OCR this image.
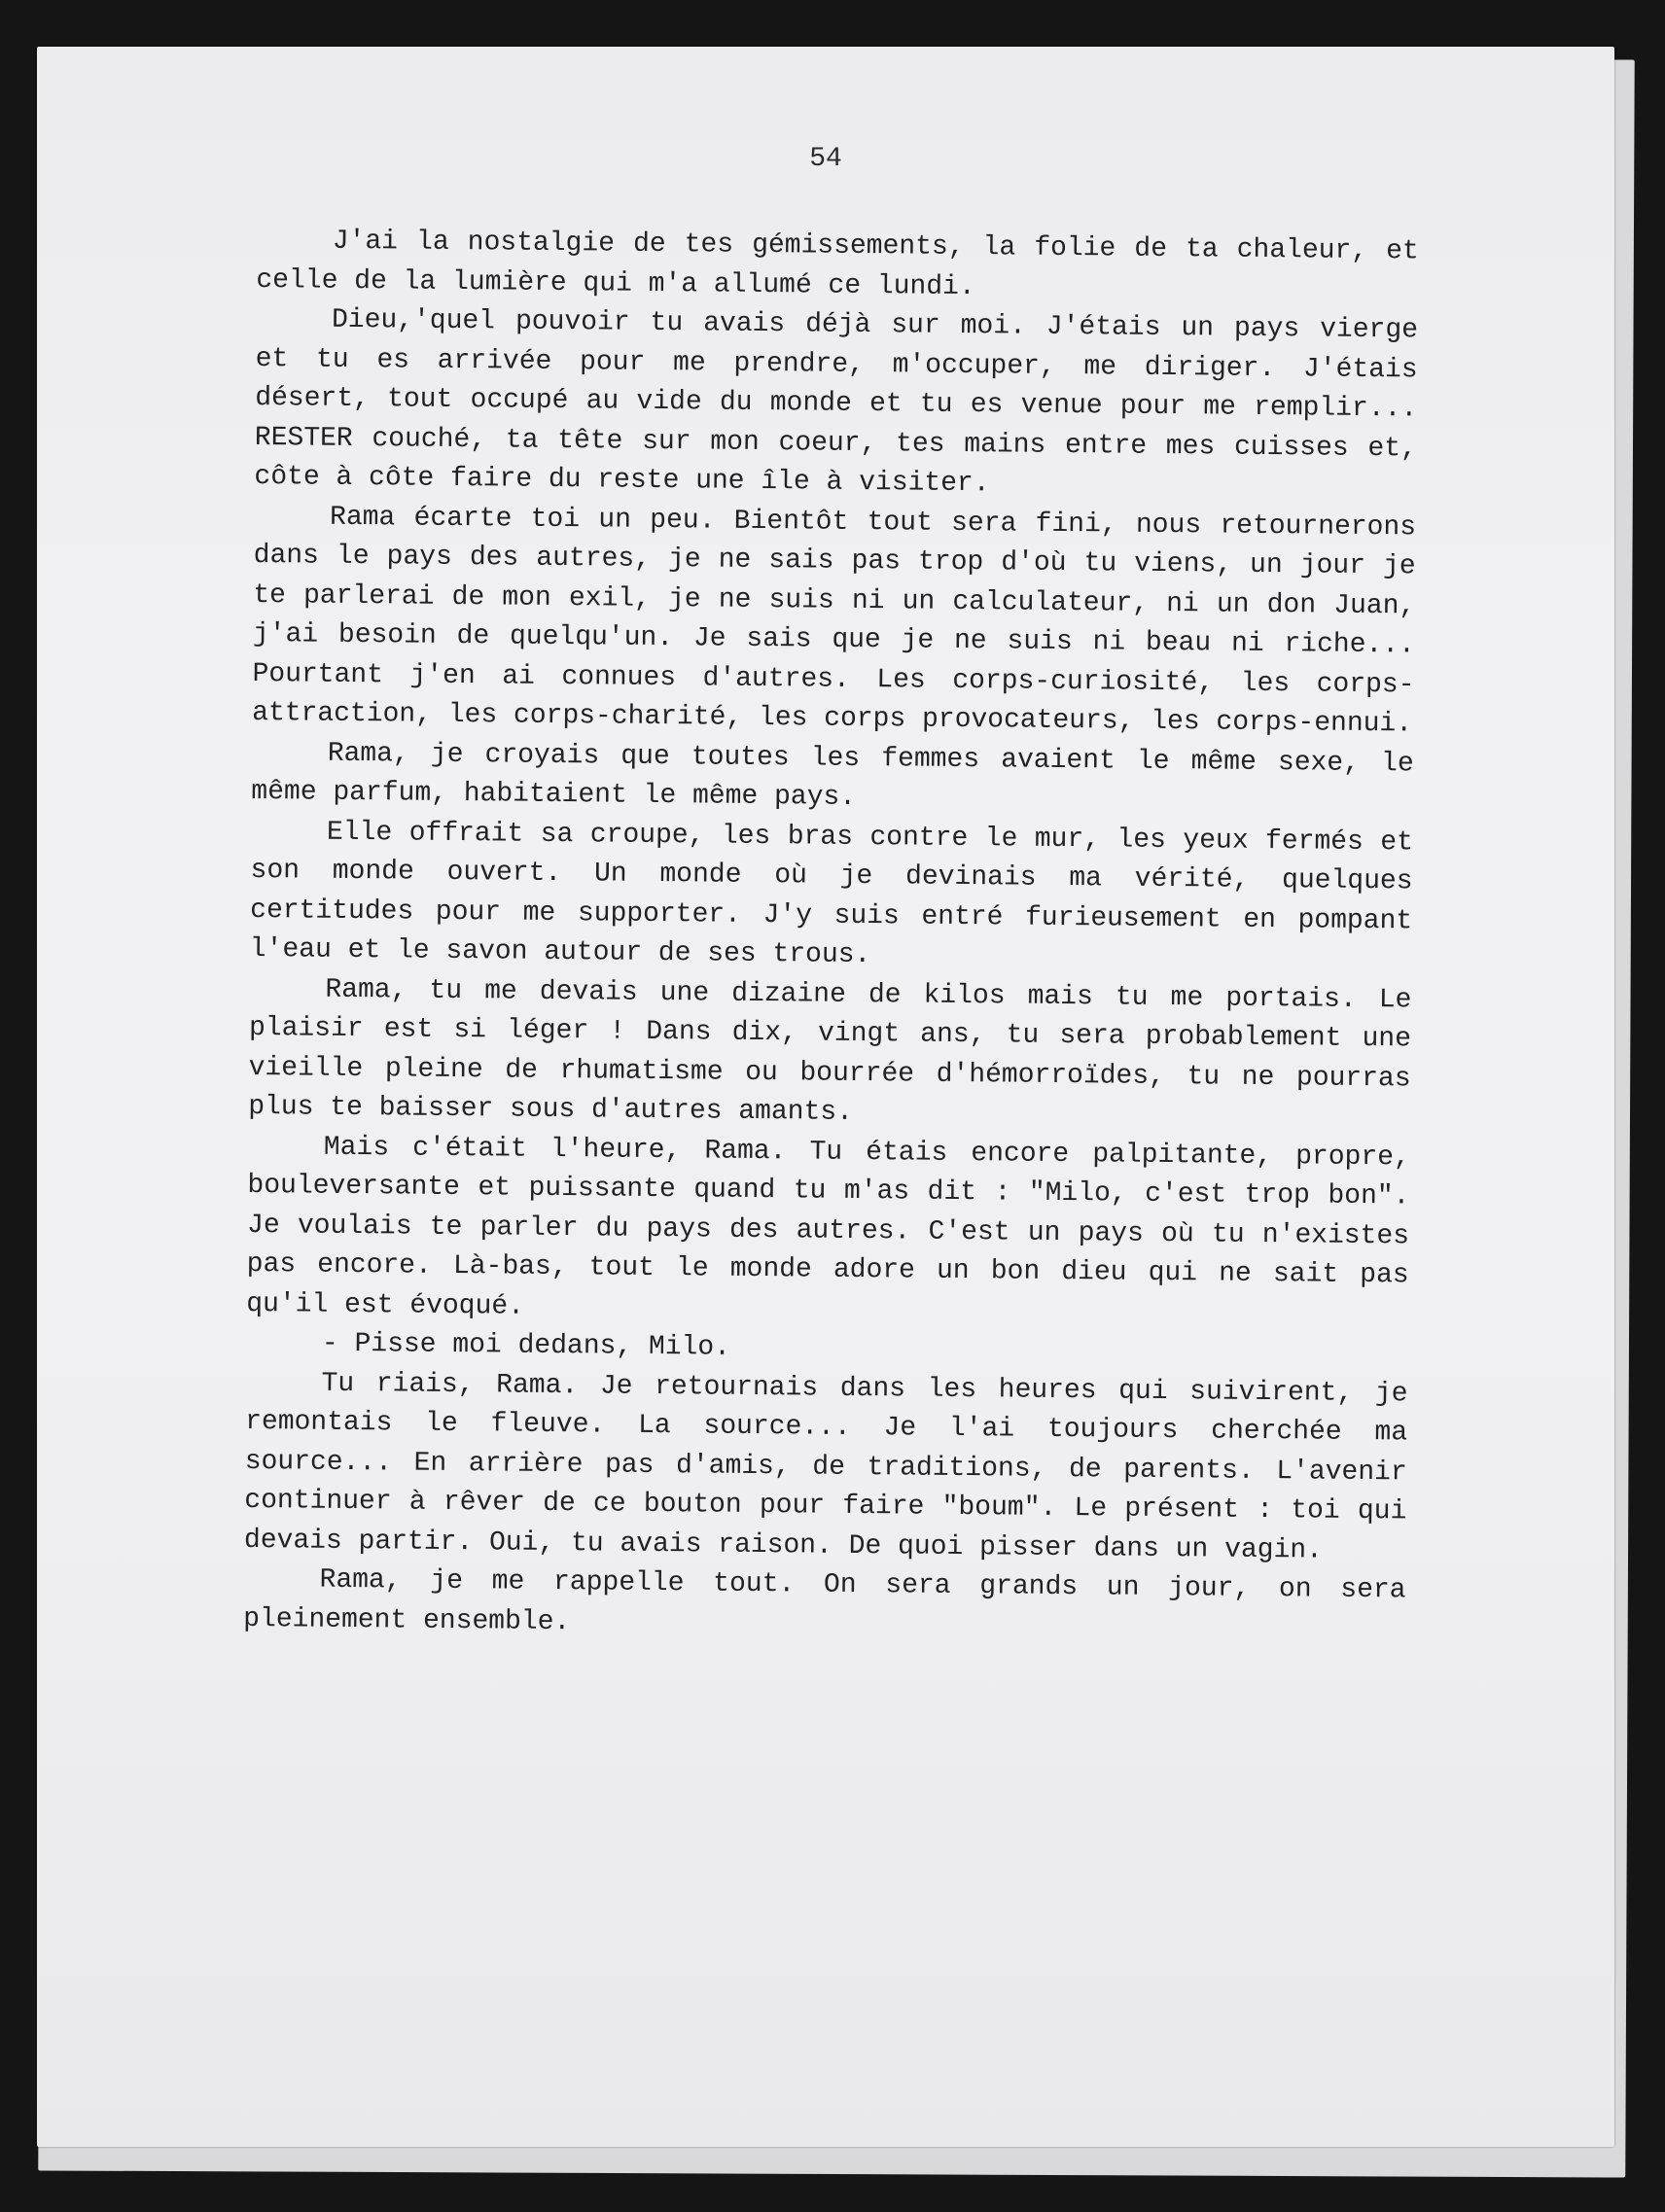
54

J'ai la nostalgie de tes gémissements, la folie de ta chaleur, et celle de la lumière qui m'a allumé ce lundi.

Dieu,'quel pouvoir tu avais déjà sur moi. J'étais un pays vierge et tu es arrivée pour me prendre, m'occuper, me diriger. J'étais désert, tout occupé au vide du monde et tu es venue pour me remplir... RESTER couché, ta tête sur mon coeur, tes mains entre mes cuisses et, côte à côte faire du reste une île à visiter.

Rama écarte toi un peu. Bientôt tout sera fini, nous retournerons dans le pays des autres, je ne sais pas trop d'où tu viens, un jour je te parlerai de mon exil, je ne suis ni un calculateur, ni un don Juan, j'ai besoin de quelqu'un. Je sais que je ne suis ni beau ni riche... Pourtant j'en ai connues d'autres. Les corps-curiosité, les corps-attraction, les corps-charité, les corps provocateurs, les corps-ennui.

Rama, je croyais que toutes les femmes avaient le même sexe, le même parfum, habitaient le même pays.

Elle offrait sa croupe, les bras contre le mur, les yeux fermés et son monde ouvert. Un monde où je devinais ma vérité, quelques certitudes pour me supporter. J'y suis entré furieusement en pompant l'eau et le savon autour de ses trous.

Rama, tu me devais une dizaine de kilos mais tu me portais. Le plaisir est si léger ! Dans dix, vingt ans, tu sera probablement une vieille pleine de rhumatisme ou bourrée d'hémorroïdes, tu ne pourras plus te baisser sous d'autres amants.

Mais c'était l'heure, Rama. Tu étais encore palpitante, propre, bouleversante et puissante quand tu m'as dit : "Milo, c'est trop bon". Je voulais te parler du pays des autres. C'est un pays où tu n'existes pas encore. Là-bas, tout le monde adore un bon dieu qui ne sait pas qu'il est évoqué.

- Pisse moi dedans, Milo.

Tu riais, Rama. Je retournais dans les heures qui suivirent, je remontais le fleuve. La source... Je l'ai toujours cherchée ma source... En arrière pas d'amis, de traditions, de parents. L'avenir continuer à rêver de ce bouton pour faire "boum". Le présent : toi qui devais partir. Oui, tu avais raison. De quoi pisser dans un vagin.

Rama, je me rappelle tout. On sera grands un jour, on sera pleinement ensemble.
